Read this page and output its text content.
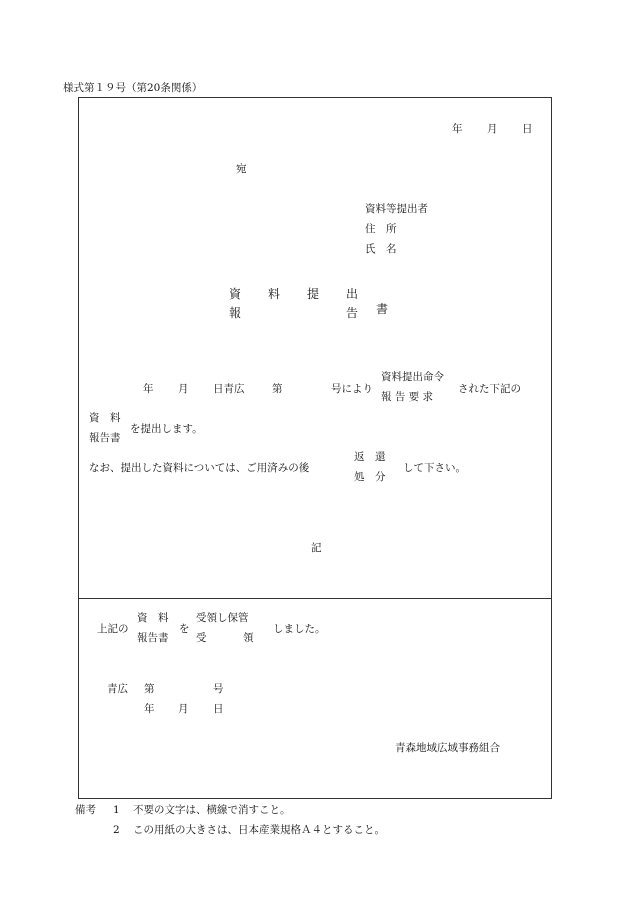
様式第１９号（第20条関係）
年 月 日
宛
資料等提出者
住　所
氏　名
資 料 提 出
報	告 書
年 月 日青広	第	号により
資料提出命令
報 告 要 求
された下記の
資　料
報告書
を提出します。
なお、提出した資料については、ご用済みの後
返　還
処　分
して下さい。
記
上記の
資　料
報告書
を
受領し保管
受	領
しました。
青広 第	号
年 月 日
青森地域広域事務組合
備考 1 不要の文字は、横線で消すこと。
2 この用紙の大きさは、日本産業規格Ａ４とすること。
